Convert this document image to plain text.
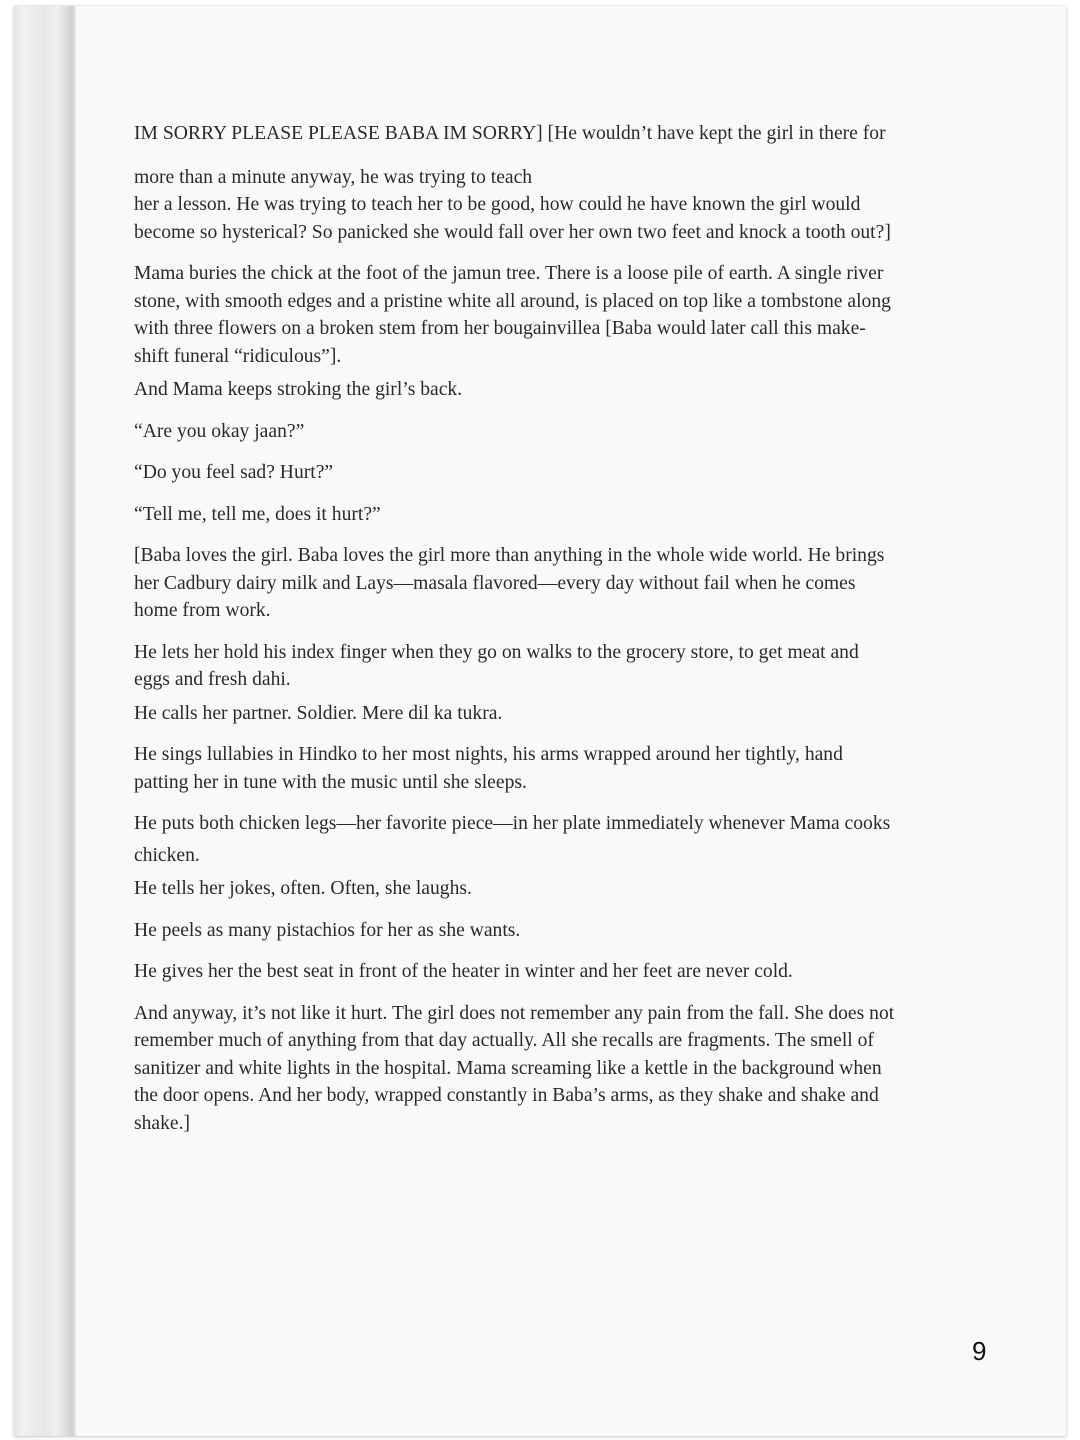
IM SORRY PLEASE PLEASE BABA IM SORRY] [He wouldn’t have kept the girl in there for

more than a minute anyway, he was trying to teach

her a lesson. He was trying to teach her to be good, how could he have known the girl would
become so hysterical? So panicked she would fall over her own two feet and knock a tooth out?]

Mama buries the chick at the foot of the jamun tree. There is a loose pile of earth. A single river
stone, with smooth edges and a pristine white all around, is placed on top like a tombstone along
with three flowers on a broken stem from her bougainvillea [Baba would later call this make-
shift funeral “ridiculous”].

And Mama keeps stroking the girl’s back.

“Are you okay jaan?”

“Do you feel sad? Hurt?”

“Tell me, tell me, does it hurt?”

[Baba loves the girl. Baba loves the girl more than anything in the whole wide world. He brings
her Cadbury dairy milk and Lays—masala flavored—every day without fail when he comes
home from work.

He lets her hold his index finger when they go on walks to the grocery store, to get meat and
eggs and fresh dahi.

He calls her partner. Soldier. Mere dil ka tukra.

He sings lullabies in Hindko to her most nights, his arms wrapped around her tightly, hand
patting her in tune with the music until she sleeps.

He puts both chicken legs—her favorite piece—in her plate immediately whenever Mama cooks
chicken.

He tells her jokes, often. Often, she laughs.

He peels as many pistachios for her as she wants.

He gives her the best seat in front of the heater in winter and her feet are never cold.

And anyway, it’s not like it hurt. The girl does not remember any pain from the fall. She does not
remember much of anything from that day actually. All she recalls are fragments. The smell of
sanitizer and white lights in the hospital. Mama screaming like a kettle in the background when
the door opens. And her body, wrapped constantly in Baba’s arms, as they shake and shake and
shake.]

9
